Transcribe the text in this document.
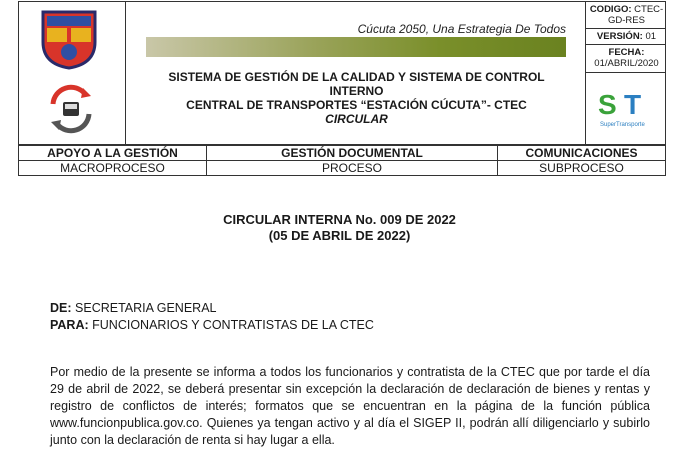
Cúcuta 2050, Una Estrategia De Todos
SISTEMA DE GESTIÓN DE LA CALIDAD Y SISTEMA DE CONTROL
INTERNO
CENTRAL DE TRANSPORTES “ESTACIÓN CÚCUTA”- CTEC
CIRCULAR
CODIGO: CTEC-
GD-RES
VERSIÓN: 01
FECHA:
01/ABRIL/2020
S T
SuperTransporte
APOYO A LA GESTIÓN	GESTIÓN DOCUMENTAL	COMUNICACIONES
MACROPROCESO	PROCESO	SUBPROCESO
CIRCULAR INTERNA No. 009 DE 2022
(05 DE ABRIL DE 2022)
DE: SECRETARIA GENERAL
PARA: FUNCIONARIOS Y CONTRATISTAS DE LA CTEC

Por medio de la presente se informa a todos los funcionarios y contratista de la CTEC que por tarde el día 29 de abril de 2022, se deberá presentar sin excepción la declaración de declaración de bienes y rentas y registro de conflictos de interés; formatos que se encuentran en la página de la función pública www.funcionpublica.gov.co. Quienes ya tengan activo y al día el SIGEP II, podrán allí diligenciarlo y subirlo junto con la declaración de renta si hay lugar a ella.
